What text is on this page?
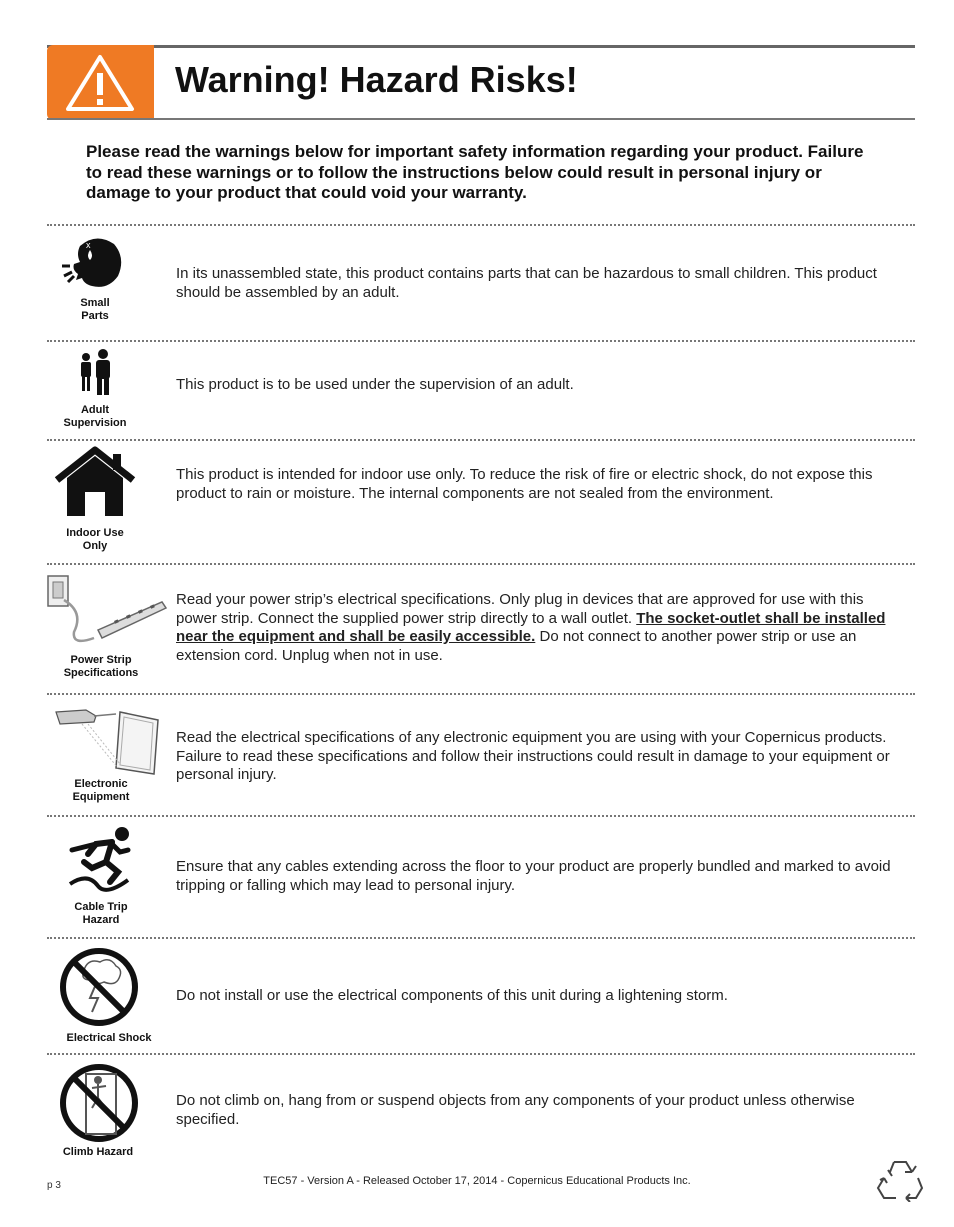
Warning! Hazard Risks!

Please read the warnings below for important safety information regarding your product. Failure to read these warnings or to follow the instructions below could result in personal injury or damage to your product that could void your warranty.

x
Small
Parts

In its unassembled state, this product contains parts that can be hazardous to small children. This product should be assembled by an adult.

Adult
Supervision

This product is to be used under the supervision of an adult.

Indoor Use
Only

This product is intended for indoor use only. To reduce the risk of fire or electric shock, do not expose this product to rain or moisture. The internal components are not sealed from the environment.

Power Strip
Specifications

Read your power strip’s electrical specifications. Only plug in devices that are approved for use with this power strip. Connect the supplied power strip directly to a wall outlet. The socket-outlet shall be installed near the equipment and shall be easily accessible. Do not connect to another power strip or use an extension cord. Unplug when not in use.

Electronic
Equipment

Read the electrical specifications of any electronic equipment you are using with your Copernicus products. Failure to read these specifications and follow their instructions could result in damage to your equipment or personal injury.

Cable Trip
Hazard

Ensure that any cables extending across the floor to your product are properly bundled and marked to avoid tripping or falling which may lead to personal injury.

Electrical Shock

Do not install or use the electrical components of this unit during a lightening storm.

Climb Hazard

Do not climb on, hang from or suspend objects from any components of your product unless otherwise specified.

p 3	TEC57 - Version A - Released October 17, 2014 - Copernicus Educational Products Inc.
